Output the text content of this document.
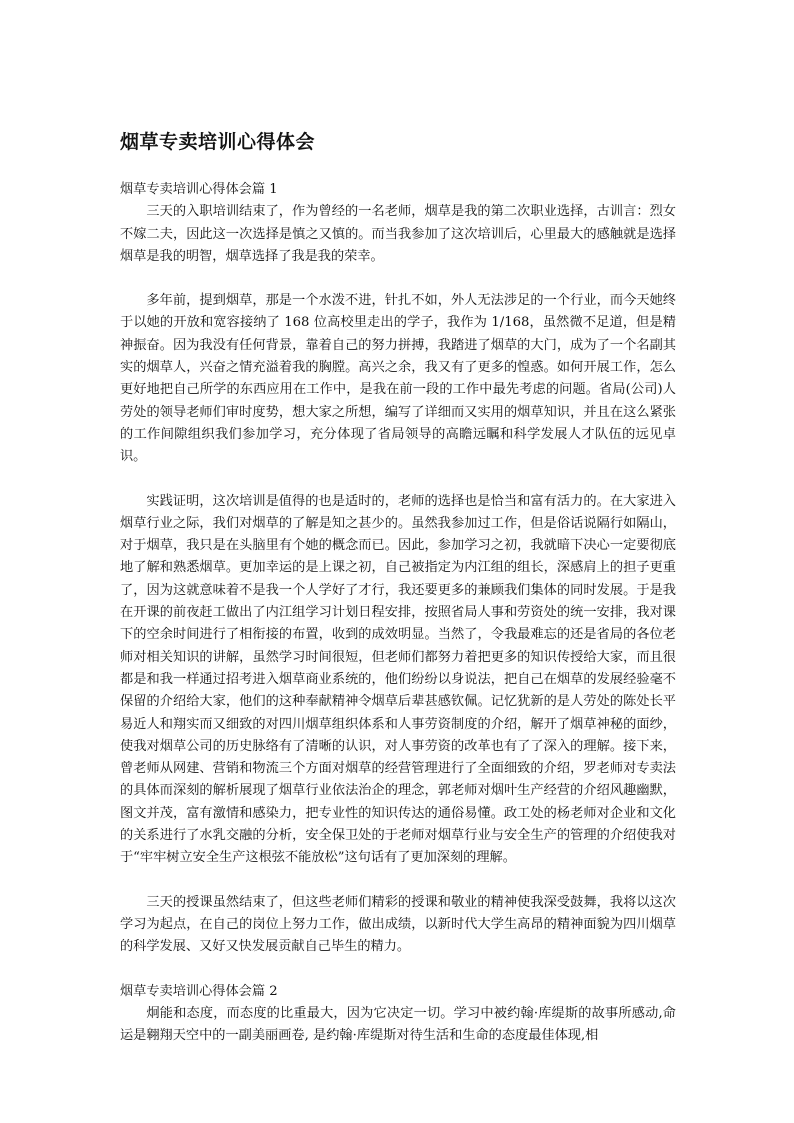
烟草专卖培训心得体会
烟草专卖培训心得体会篇 1

三天的入职培训结束了，作为曾经的一名老师，烟草是我的第二次职业选择，古训言：烈女不嫁二夫，因此这一次选择是慎之又慎的。而当我参加了这次培训后，心里最大的感触就是选择烟草是我的明智，烟草选择了我是我的荣幸。

多年前，提到烟草，那是一个水泼不进，针扎不如，外人无法涉足的一个行业，而今天她终于以她的开放和宽容接纳了 168 位高校里走出的学子，我作为 1/168，虽然微不足道，但是精神振奋。因为我没有任何背景，靠着自己的努力拼搏，我踏进了烟草的大门，成为了一个名副其实的烟草人，兴奋之情充溢着我的胸膛。高兴之余，我又有了更多的惶惑。如何开展工作，怎么更好地把自己所学的东西应用在工作中，是我在前一段的工作中最先考虑的问题。省局(公司)人劳处的领导老师们审时度势，想大家之所想，编写了详细而又实用的烟草知识，并且在这么紧张的工作间隙组织我们参加学习，充分体现了省局领导的高瞻远瞩和科学发展人才队伍的远见卓识。

实践证明，这次培训是值得的也是适时的，老师的选择也是恰当和富有活力的。在大家进入烟草行业之际，我们对烟草的了解是知之甚少的。虽然我参加过工作，但是俗话说隔行如隔山，对于烟草，我只是在头脑里有个她的概念而已。因此，参加学习之初，我就暗下决心一定要彻底地了解和熟悉烟草。更加幸运的是上课之初，自己被指定为内江组的组长，深感肩上的担子更重了，因为这就意味着不是我一个人学好了才行，我还要更多的兼顾我们集体的同时发展。于是我在开课的前夜赶工做出了内江组学习计划日程安排，按照省局人事和劳资处的统一安排，我对课下的空余时间进行了相衔接的布置，收到的成效明显。当然了，令我最难忘的还是省局的各位老师对相关知识的讲解，虽然学习时间很短，但老师们都努力着把更多的知识传授给大家，而且很都是和我一样通过招考进入烟草商业系统的，他们纷纷以身说法，把自己在烟草的发展经验毫不保留的介绍给大家，他们的这种奉献精神令烟草后辈甚感钦佩。记忆犹新的是人劳处的陈处长平易近人和翔实而又细致的对四川烟草组织体系和人事劳资制度的介绍，解开了烟草神秘的面纱，使我对烟草公司的历史脉络有了清晰的认识，对人事劳资的改革也有了了深入的理解。接下来，曾老师从网建、营销和物流三个方面对烟草的经营管理进行了全面细致的介绍，罗老师对专卖法的具体而深刻的解析展现了烟草行业依法治企的理念，郭老师对烟叶生产经营的介绍风趣幽默，图文并茂，富有激情和感染力，把专业性的知识传达的通俗易懂。政工处的杨老师对企业和文化的关系进行了水乳交融的分析，安全保卫处的于老师对烟草行业与安全生产的管理的介绍使我对于“牢牢树立安全生产这根弦不能放松”这句话有了更加深刻的理解。

三天的授课虽然结束了，但这些老师们精彩的授课和敬业的精神使我深受鼓舞，我将以这次学习为起点，在自己的岗位上努力工作，做出成绩，以新时代大学生高昂的精神面貌为四川烟草的科学发展、又好又快发展贡献自己毕生的精力。

烟草专卖培训心得体会篇 2

炯能和态度，而态度的比重最大，因为它决定一切。学习中被约翰·库缇斯的故事所感动,命运是翱翔天空中的一副美丽画卷, 是约翰·库缇斯对待生活和生命的态度最佳体现,相
